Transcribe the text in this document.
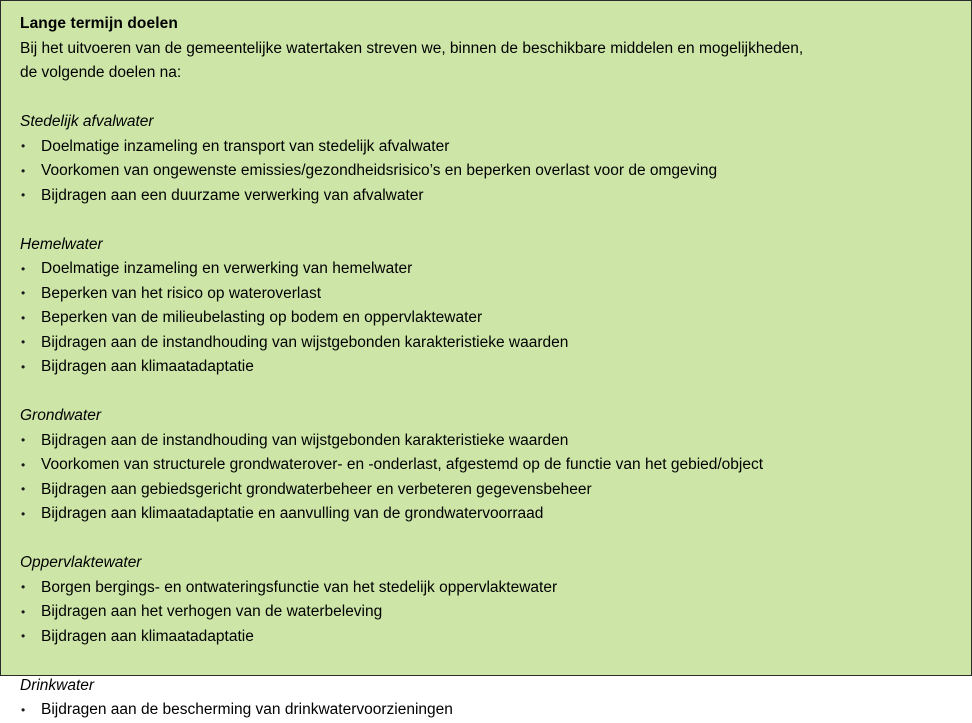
Lange termijn doelen
Bij het uitvoeren van de gemeentelijke watertaken streven we, binnen de beschikbare middelen en mogelijkheden,
de volgende doelen na:
Stedelijk afvalwater
• Doelmatige inzameling en transport van stedelijk afvalwater
• Voorkomen van ongewenste emissies/gezondheidsrisico’s en beperken overlast voor de omgeving
• Bijdragen aan een duurzame verwerking van afvalwater
Hemelwater
• Doelmatige inzameling en verwerking van hemelwater
• Beperken van het risico op wateroverlast
• Beperken van de milieubelasting op bodem en oppervlaktewater
• Bijdragen aan de instandhouding van wijstgebonden karakteristieke waarden
• Bijdragen aan klimaatadaptatie
Grondwater
• Bijdragen aan de instandhouding van wijstgebonden karakteristieke waarden
• Voorkomen van structurele grondwaterover- en -onderlast, afgestemd op de functie van het gebied/object
• Bijdragen aan gebiedsgericht grondwaterbeheer en verbeteren gegevensbeheer
• Bijdragen aan klimaatadaptatie en aanvulling van de grondwatervoorraad
Oppervlaktewater
• Borgen bergings- en ontwateringsfunctie van het stedelijk oppervlaktewater
• Bijdragen aan het verhogen van de waterbeleving
• Bijdragen aan klimaatadaptatie
Drinkwater
• Bijdragen aan de bescherming van drinkwatervoorzieningen
